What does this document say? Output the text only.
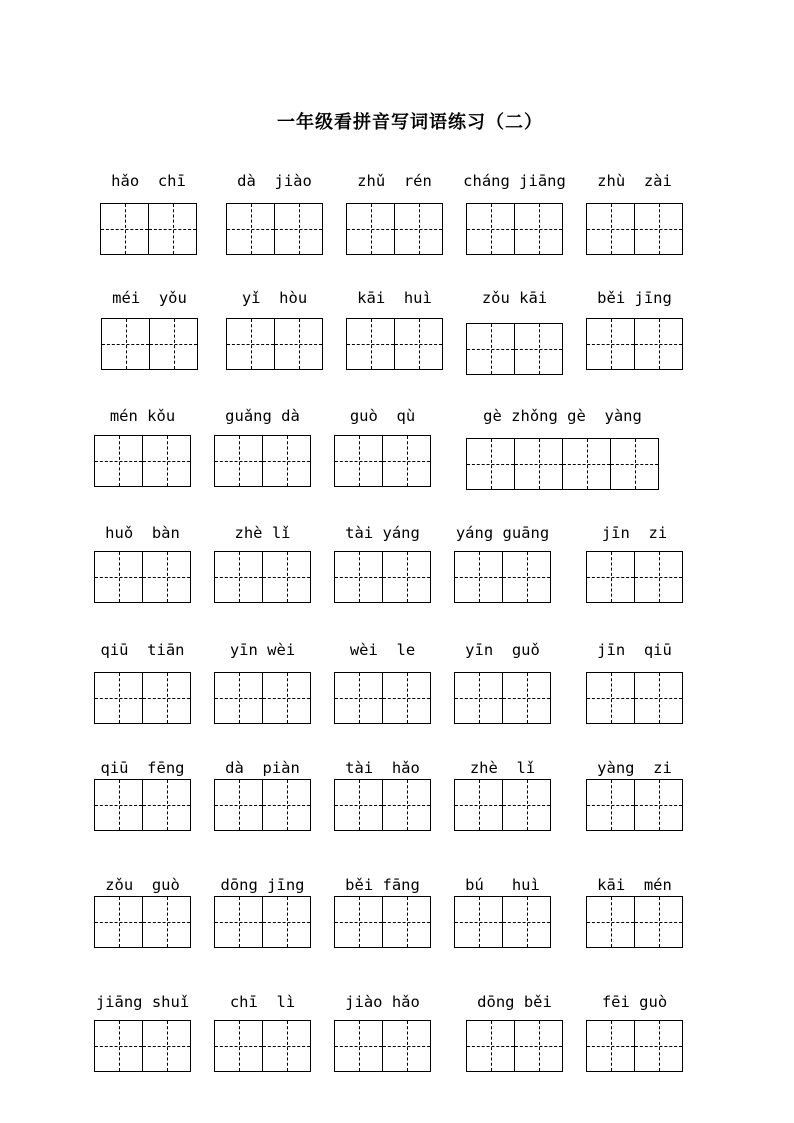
一年级看拼音写词语练习（二）
hǎo  chī	dà  jiào	zhǔ  rén	cháng jiāng	zhù  zài
méi  yǒu	yǐ  hòu	kāi  huì	zǒu kāi	běi jīng
mén kǒu	guǎng dà	guò  qù	gè zhǒng gè  yàng
huǒ  bàn	zhè lǐ	tài yáng	yáng guāng	jīn  zi
qiū  tiān	yīn wèi	wèi  le	yīn  guǒ	jīn  qiū
qiū  fēng	dà  piàn	tài  hǎo	zhè  lǐ	yàng  zi
zǒu  guò	dōng jīng	běi fāng	bú   huì	kāi  mén
jiāng shuǐ	chī  lì	jiào hǎo	dōng běi	fēi guò
